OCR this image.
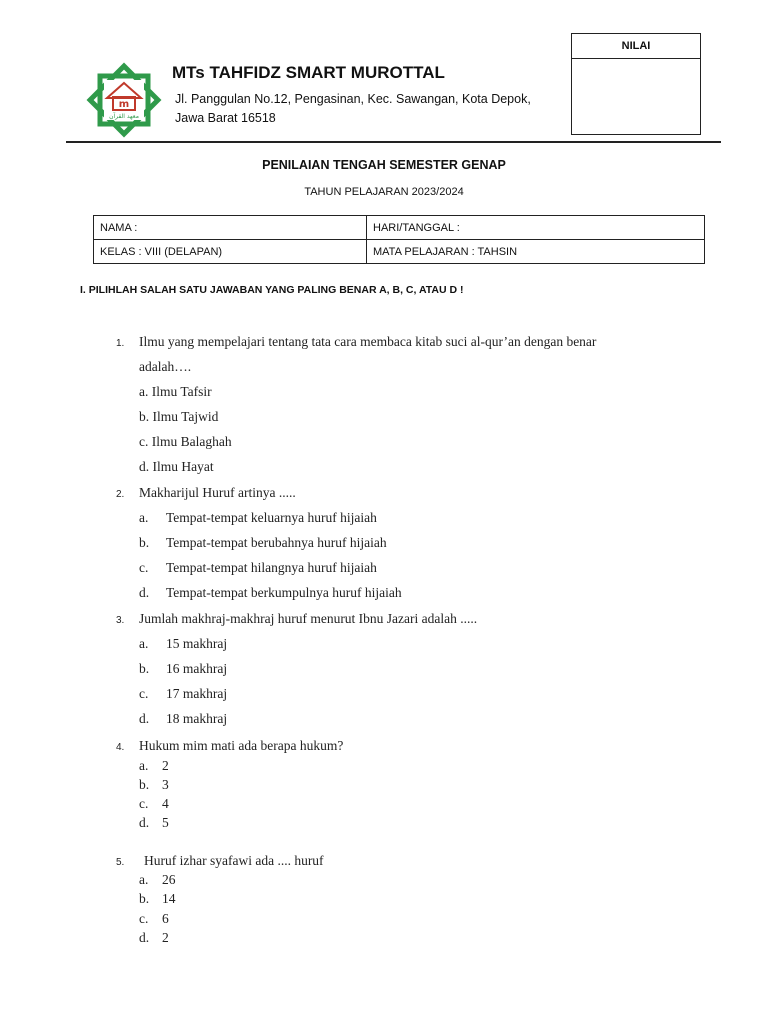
m
معهد القرآن
MTs TAHFIDZ SMART MUROTTAL
Jl. Panggulan No.12, Pengasinan, Kec. Sawangan, Kota Depok,
Jawa Barat 16518
NILAI
PENILAIAN TENGAH SEMESTER GENAP
TAHUN PELAJARAN 2023/2024
NAMA :	HARI/TANGGAL :
KELAS : VIII (DELAPAN)	MATA PELAJARAN : TAHSIN
I. PILIHLAH SALAH SATU JAWABAN YANG PALING BENAR A, B, C, ATAU D !
1. Ilmu yang mempelajari tentang tata cara membaca kitab suci al-qur’an dengan benar
adalah….
a. Ilmu Tafsir
b. Ilmu Tajwid
c. Ilmu Balaghah
d. Ilmu Hayat
2. Makharijul Huruf artinya .....
a. Tempat-tempat keluarnya huruf hijaiah
b. Tempat-tempat berubahnya huruf hijaiah
c. Tempat-tempat hilangnya huruf hijaiah
d. Tempat-tempat berkumpulnya huruf hijaiah
3. Jumlah makhraj-makhraj huruf menurut Ibnu Jazari adalah .....
a. 15 makhraj
b. 16 makhraj
c. 17 makhraj
d. 18 makhraj
4. Hukum mim mati ada berapa hukum?
a. 2
b. 3
c. 4
d. 5
5. Huruf izhar syafawi ada .... huruf
a. 26
b. 14
c. 6
d. 2
